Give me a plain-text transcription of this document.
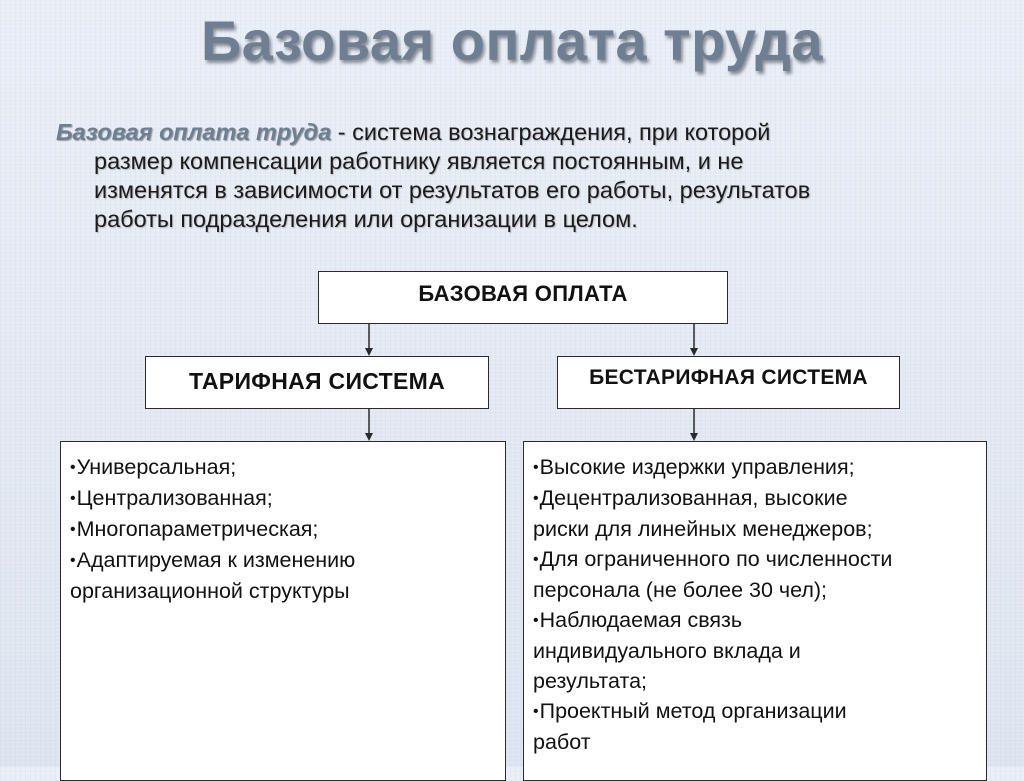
Базовая оплата труда
Базовая оплата труда - система вознаграждения, при которой
размер компенсации работнику является постоянным, и не
изменятся в зависимости от результатов его работы, результатов
работы подразделения или организации в целом.
БАЗОВАЯ ОПЛАТА
ТАРИФНАЯ СИСТЕМА	БЕСТАРИФНАЯ СИСТЕМА
•Универсальная;
•Централизованная;
•Многопараметрическая;
•Адаптируемая к изменению
организационной структуры
•Высокие издержки управления;
•Децентрализованная, высокие
риски для линейных менеджеров;
•Для ограниченного по численности
персонала (не более 30 чел);
•Наблюдаемая связь
индивидуального вклада и
результата;
•Проектный метод организации
работ
